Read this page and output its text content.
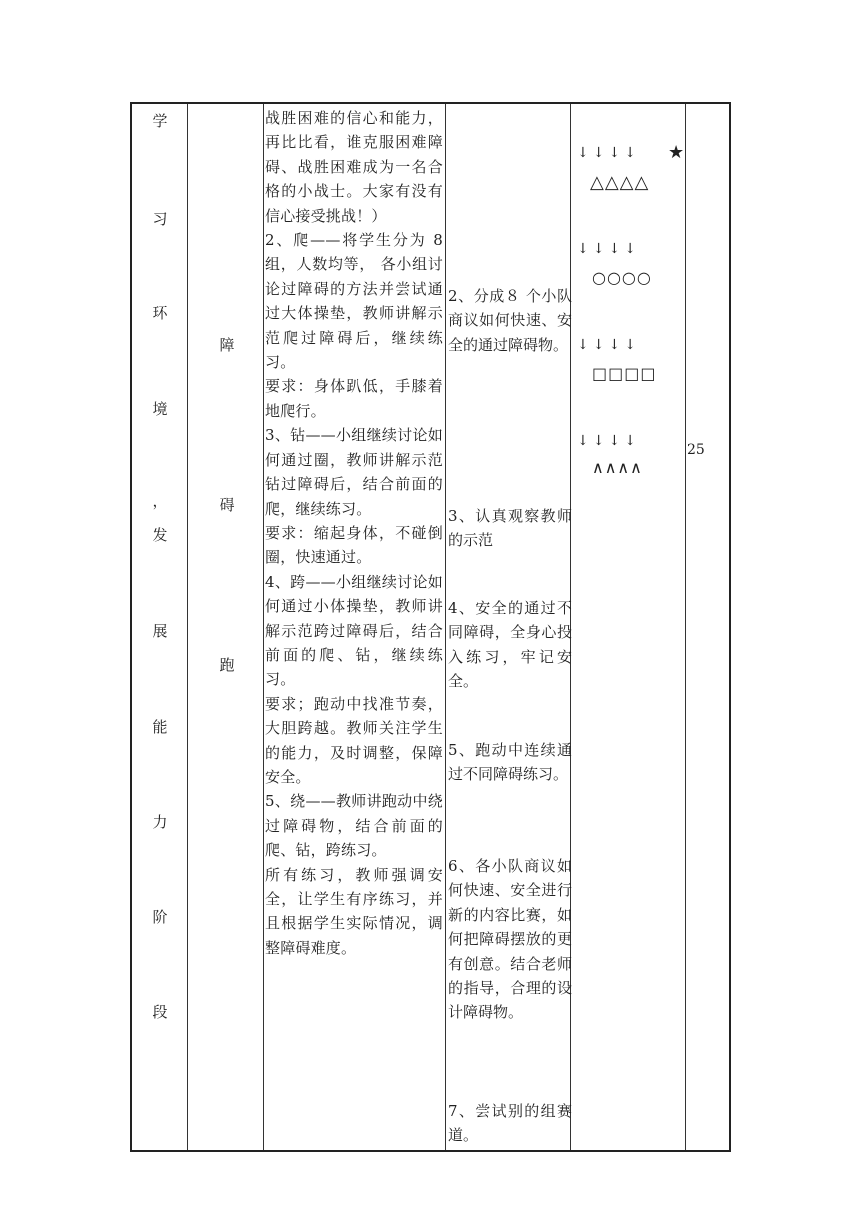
学
习
环
境
，
发
展
能
力
阶
段
障
碍
跑
战胜困难的信心和能力，再比比看，谁克服困难障碍、战胜困难成为一名合格的小战士。大家有没有信心接受挑战！）
2、爬——将学生分为 8 组，人数均等， 各小组讨论过障碍的方法并尝试通过大体操垫，教师讲解示范爬过障碍后，继续练习。
要求：身体趴低，手膝着地爬行。
3、钻——小组继续讨论如何通过圈，教师讲解示范钻过障碍后，结合前面的爬，继续练习。
要求：缩起身体，不碰倒圈，快速通过。
4、跨——小组继续讨论如何通过小体操垫，教师讲解示范跨过障碍后，结合前面的爬、钻，继续练习。
要求；跑动中找准节奏，大胆跨越。教师关注学生的能力，及时调整，保障安全。
5、绕——教师讲跑动中绕过障碍物，结合前面的爬、钻，跨练习。
所有练习，教师强调安全，让学生有序练习，并且根据学生实际情况，调整障碍难度。
2、分成８ 个小队商议如何快速、安全的通过障碍物。
3、认真观察教师的示范
4、安全的通过不同障碍，全身心投入练习，牢记安全。
5、跑动中连续通过不同障碍练习。
6、各小队商议如何快速、安全进行新的内容比赛，如何把障碍摆放的更有创意。结合老师的指导，合理的设计障碍物。
7、尝试别的组赛道。
↓↓↓↓ ★
△△△△
↓↓↓↓
○○○○
↓↓↓↓
□□□□
↓↓↓↓
∧∧∧∧
25
